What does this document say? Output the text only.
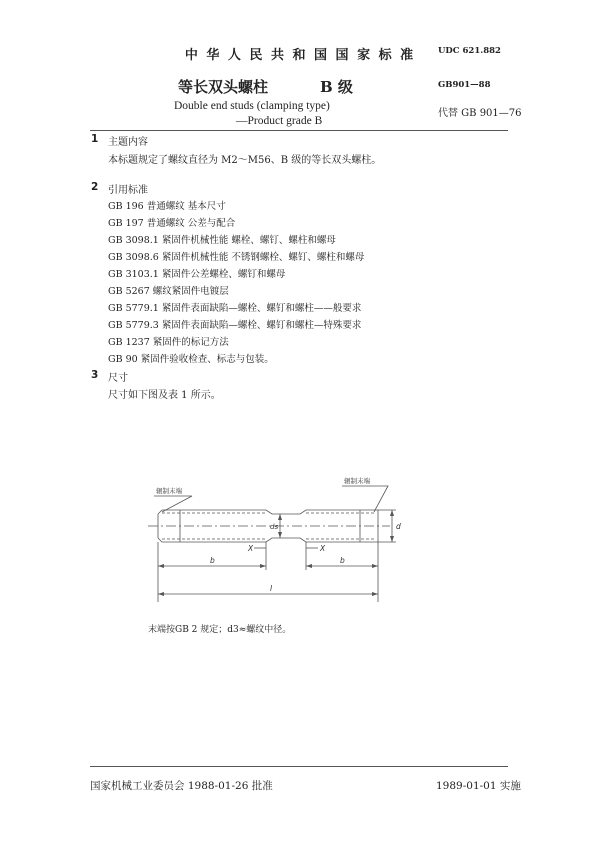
中 华 人 民 共 和 国 国 家 标 准	UDC 621.882
等长双头螺柱	B 级	GB901—88
Double end studs (clamping type)
—Product grade B
代替 GB 901—76
1 主题内容
本标题规定了螺纹直径为 M2～M56、B 级的等长双头螺柱。
2 引用标准
GB 196 普通螺纹 基本尺寸
GB 197 普通螺纹 公差与配合
GB 3098.1 紧固件机械性能 螺栓、螺钉、螺柱和螺母
GB 3098.6 紧固件机械性能 不锈钢螺栓、螺钉、螺柱和螺母
GB 3103.1 紧固件公差螺栓、螺钉和螺母
GB 5267 螺纹紧固件电镀层
GB 5779.1 紧固件表面缺陷—螺栓、螺钉和螺柱——般要求
GB 5779.3 紧固件表面缺陷—螺栓、螺钉和螺柱—特殊要求
GB 1237 紧固件的标记方法
GB 90 紧固件验收检查、标志与包装。
3 尺寸
尺寸如下图及表 1 所示。
辗制末端
辗制末端
ds	d
X	X
b	b
l
末端按GB 2 规定；d3≈螺纹中径。
国家机械工业委员会 1988-01-26 批准	1989-01-01 实施
